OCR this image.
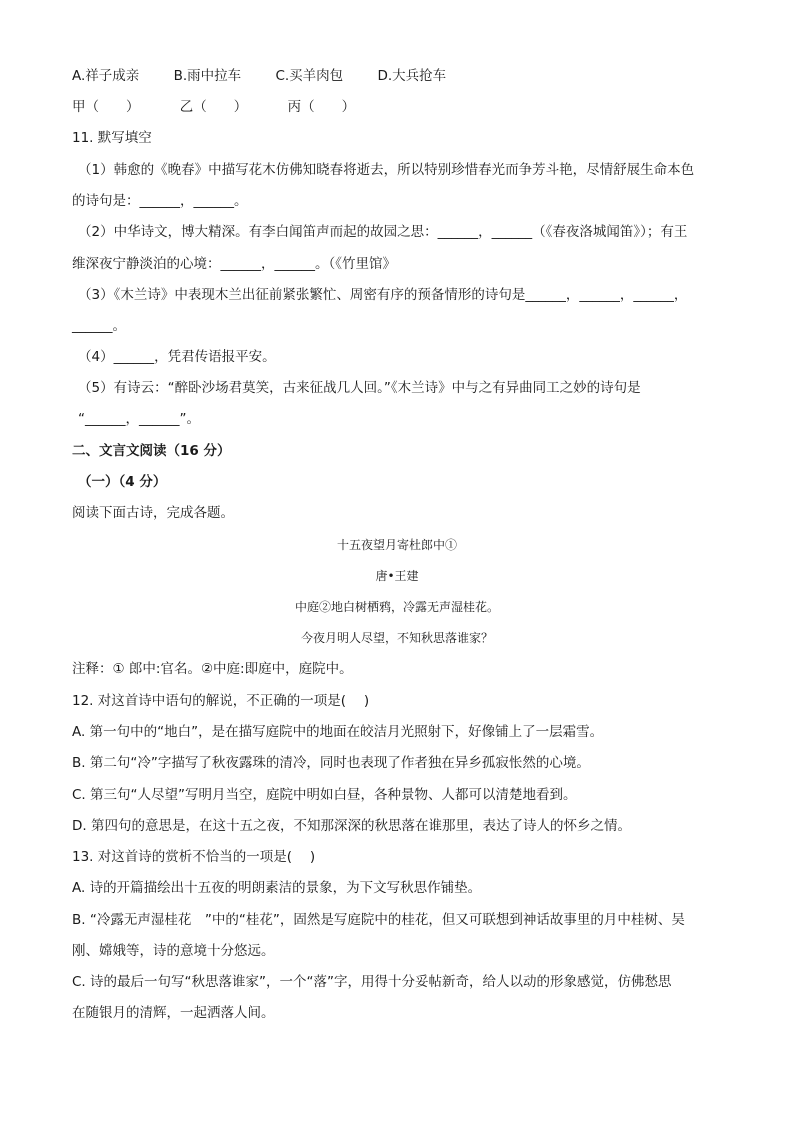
A.祥子成亲	B.雨中拉车	C.买羊肉包	D.大兵抢车
甲（　　）	乙（　　）	丙（　　）
11. 默写填空
（1）韩愈的《晚春》中描写花木仿佛知晓春将逝去，所以特别珍惜春光而争芳斗艳，尽情舒展生命本色
的诗句是：______，______。
（2）中华诗文，博大精深。有李白闻笛声而起的故园之思：______，______（《春夜洛城闻笛》）；有王
维深夜宁静淡泊的心境：______，______。（《竹里馆》
（3）《木兰诗》中表现木兰出征前紧张繁忙、周密有序的预备情形的诗句是______，______，______，
______。
（4）______，凭君传语报平安。
（5）有诗云：“醉卧沙场君莫笑，古来征战几人回。”《木兰诗》中与之有异曲同工之妙的诗句是
“______，______”。
二、文言文阅读（16 分）
（一）（4 分）
阅读下面古诗，完成各题。
十五夜望月寄杜郎中①
唐•王建
中庭②地白树栖鸦，冷露无声湿桂花。
今夜月明人尽望，不知秋思落谁家？
注释：① 郎中:官名。②中庭:即庭中，庭院中。
12. 对这首诗中语句的解说，不正确的一项是(　 )
A. 第一句中的“地白”，是在描写庭院中的地面在皎洁月光照射下，好像铺上了一层霜雪。
B. 第二句“冷”字描写了秋夜露珠的清冷，同时也表现了作者独在异乡孤寂怅然的心境。
C. 第三句“人尽望”写明月当空，庭院中明如白昼，各种景物、人都可以清楚地看到。
D. 第四句的意思是，在这十五之夜，不知那深深的秋思落在谁那里，表达了诗人的怀乡之情。
13. 对这首诗的赏析不恰当的一项是(　 )
A. 诗的开篇描绘出十五夜的明朗素洁的景象，为下文写秋思作铺垫。
B. “冷露无声湿桂花　”中的“桂花”，固然是写庭院中的桂花，但又可联想到神话故事里的月中桂树、吴
刚、嫦娥等，诗的意境十分悠远。
C. 诗的最后一句写“秋思落谁家”，一个“落”字，用得十分妥帖新奇，给人以动的形象感觉，仿佛愁思
在随银月的清辉，一起洒落人间。
